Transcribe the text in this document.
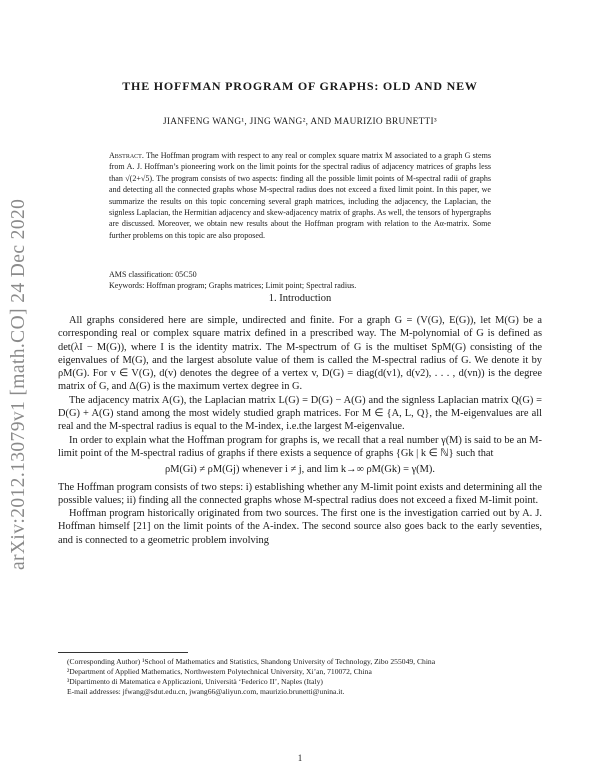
arXiv:2012.13079v1 [math.CO] 24 Dec 2020
THE HOFFMAN PROGRAM OF GRAPHS: OLD AND NEW
JIANFENG WANG¹, JING WANG², AND MAURIZIO BRUNETTI³
Abstract. The Hoffman program with respect to any real or complex square matrix M associated to a graph G stems from A. J. Hoffman’s pioneering work on the limit points for the spectral radius of adjacency matrices of graphs less than √(2+√5). The program consists of two aspects: finding all the possible limit points of M-spectral radii of graphs and detecting all the connected graphs whose M-spectral radius does not exceed a fixed limit point. In this paper, we summarize the results on this topic concerning several graph matrices, including the adjacency, the Laplacian, the signless Laplacian, the Hermitian adjacency and skew-adjacency matrix of graphs. As well, the tensors of hypergraphs are discussed. Moreover, we obtain new results about the Hoffman program with relation to the Aα-matrix. Some further problems on this topic are also proposed.
AMS classification: 05C50
Keywords: Hoffman program; Graphs matrices; Limit point; Spectral radius.
1. Introduction

All graphs considered here are simple, undirected and finite. For a graph G = (V(G), E(G)), let M(G) be a corresponding real or complex square matrix defined in a prescribed way. The M-polynomial of G is defined as det(λI − M(G)), where I is the identity matrix. The M-spectrum of G is the multiset SpM(G) consisting of the eigenvalues of M(G), and the largest absolute value of them is called the M-spectral radius of G. We denote it by ρM(G). For v ∈ V(G), d(v) denotes the degree of a vertex v, D(G) = diag(d(v1), d(v2), . . . , d(vn)) is the degree matrix of G, and Δ(G) is the maximum vertex degree in G.

The adjacency matrix A(G), the Laplacian matrix L(G) = D(G) − A(G) and the signless Laplacian matrix Q(G) = D(G) + A(G) stand among the most widely studied graph matrices. For M ∈ {A, L, Q}, the M-eigenvalues are all real and the M-spectral radius is equal to the M-index, i.e.the largest M-eigenvalue.

In order to explain what the Hoffman program for graphs is, we recall that a real number γ(M) is said to be an M-limit point of the M-spectral radius of graphs if there exists a sequence of graphs {Gk | k ∈ ℕ} such that

ρM(Gi) ≠ ρM(Gj) whenever i ≠ j, and lim k→∞ ρM(Gk) = γ(M).

The Hoffman program consists of two steps: i) establishing whether any M-limit point exists and determining all the possible values; ii) finding all the connected graphs whose M-spectral radius does not exceed a fixed M-limit point.

Hoffman program historically originated from two sources. The first one is the investigation carried out by A. J. Hoffman himself [21] on the limit points of the A-index. The second source also goes back to the early seventies, and is connected to a geometric problem involving

(Corresponding Author) ¹School of Mathematics and Statistics, Shandong University of Technology, Zibo 255049, China
²Department of Applied Mathematics, Northwestern Polytechnical University, Xi’an, 710072, China
³Dipartimento di Matematica e Applicazioni, Università ‘Federico II’, Naples (Italy)
E-mail addresses: jfwang@sdut.edu.cn, jwang66@aliyun.com, maurizio.brunetti@unina.it.
1
